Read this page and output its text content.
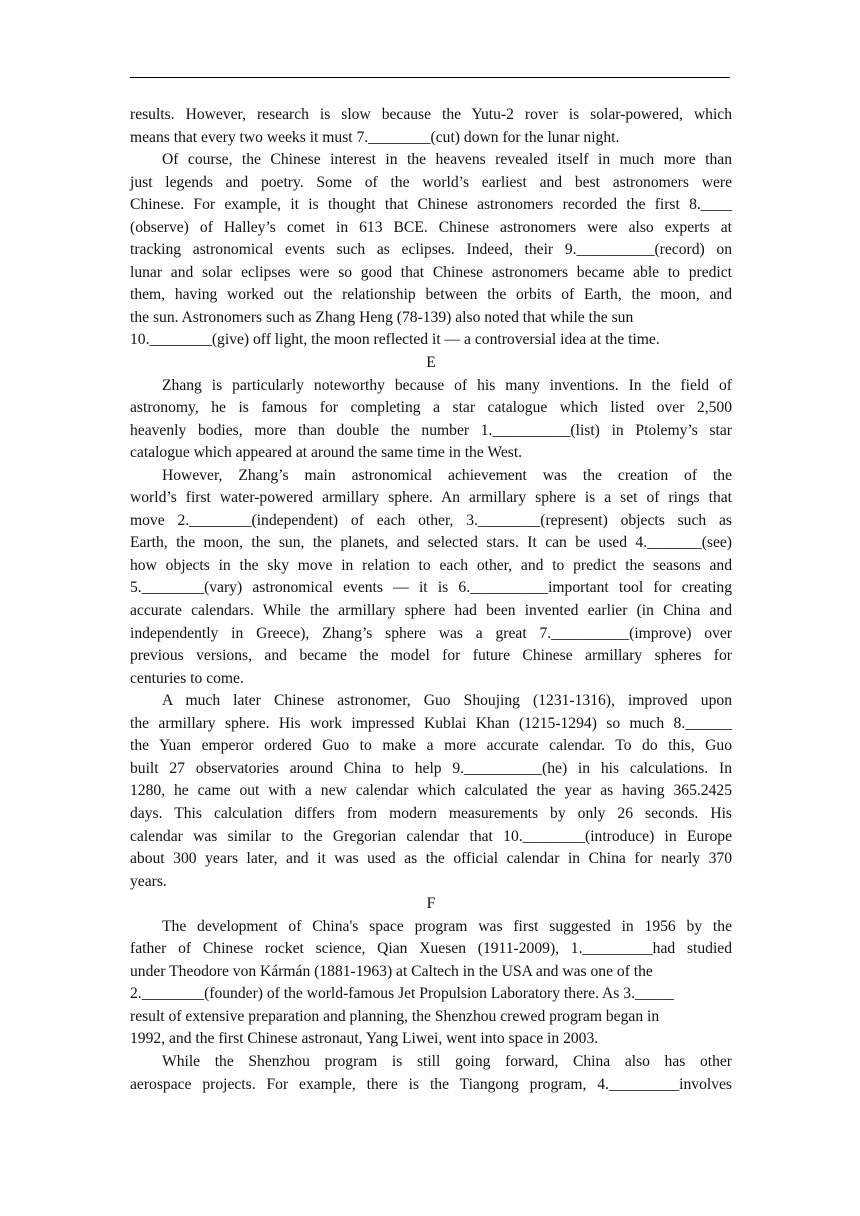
results. However, research is slow because the Yutu-2 rover is solar-powered, which
means that every two weeks it must 7.________(cut) down for the lunar night.
Of course, the Chinese interest in the heavens revealed itself in much more than
just legends and poetry. Some of the world’s earliest and best astronomers were
Chinese. For example, it is thought that Chinese astronomers recorded the first 8.____
(observe) of Halley’s comet in 613 BCE. Chinese astronomers were also experts at
tracking astronomical events such as eclipses. Indeed, their 9.__________(record) on
lunar and solar eclipses were so good that Chinese astronomers became able to predict
them, having worked out the relationship between the orbits of Earth, the moon, and
the sun. Astronomers such as Zhang Heng (78-139) also noted that while the sun
10.________(give) off light, the moon reflected it — a controversial idea at the time.
E
Zhang is particularly noteworthy because of his many inventions. In the field of
astronomy, he is famous for completing a star catalogue which listed over 2,500
heavenly bodies, more than double the number 1.__________(list) in Ptolemy’s star
catalogue which appeared at around the same time in the West.
However, Zhang’s main astronomical achievement was the creation of the
world’s first water-powered armillary sphere. An armillary sphere is a set of rings that
move 2.________(independent) of each other, 3.________(represent) objects such as
Earth, the moon, the sun, the planets, and selected stars. It can be used 4._______(see)
how objects in the sky move in relation to each other, and to predict the seasons and
5.________(vary) astronomical events — it is 6.__________important tool for creating
accurate calendars. While the armillary sphere had been invented earlier (in China and
independently in Greece), Zhang’s sphere was a great 7.__________(improve) over
previous versions, and became the model for future Chinese armillary spheres for
centuries to come.
A much later Chinese astronomer, Guo Shoujing (1231-1316), improved upon
the armillary sphere. His work impressed Kublai Khan (1215-1294) so much 8.______
the Yuan emperor ordered Guo to make a more accurate calendar. To do this, Guo
built 27 observatories around China to help 9.__________(he) in his calculations. In
1280, he came out with a new calendar which calculated the year as having 365.2425
days. This calculation differs from modern measurements by only 26 seconds. His
calendar was similar to the Gregorian calendar that 10.________(introduce) in Europe
about 300 years later, and it was used as the official calendar in China for nearly 370
years.
F
The development of China's space program was first suggested in 1956 by the
father of Chinese rocket science, Qian Xuesen (1911-2009), 1._________had studied
under Theodore von Kármán (1881-1963) at Caltech in the USA and was one of the
2.________(founder) of the world-famous Jet Propulsion Laboratory there. As 3._____
result of extensive preparation and planning, the Shenzhou crewed program began in
1992, and the first Chinese astronaut, Yang Liwei, went into space in 2003.
While the Shenzhou program is still going forward, China also has other
aerospace projects. For example, there is the Tiangong program, 4._________involves
